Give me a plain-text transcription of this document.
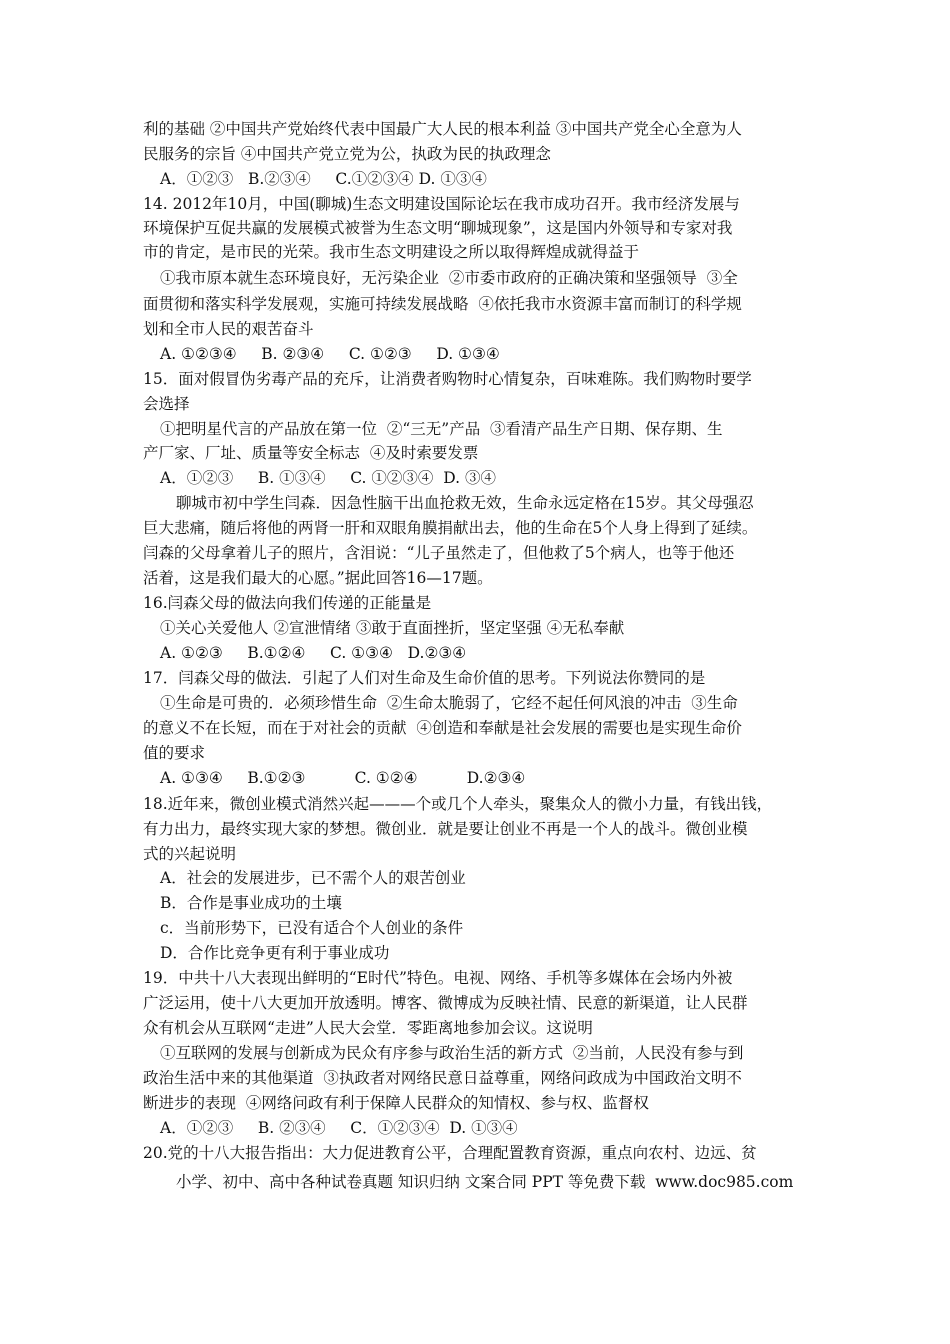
利的基础 ②中国共产党始终代表中国最广大人民的根本利益 ③中国共产党全心全意为人
民服务的宗旨 ④中国共产党立党为公，执政为民的执政理念
A．①②③   B.②③④     C.①②③④ D. ①③④
14. 2012年10月，中国(聊城)生态文明建设国际论坛在我市成功召开。我市经济发展与
环境保护互促共赢的发展模式被誉为生态文明“聊城现象”，这是国内外领导和专家对我
市的肯定，是市民的光荣。我市生态文明建设之所以取得辉煌成就得益于
①我市原本就生态环境良好，无污染企业  ②市委市政府的正确决策和坚强领导  ③全
面贯彻和落实科学发展观，实施可持续发展战略  ④依托我市水资源丰富而制订的科学规
划和全市人民的艰苦奋斗
A. ①②③④     B. ②③④     C. ①②③     D. ①③④
15．面对假冒伪劣毒产品的充斥，让消费者购物时心情复杂，百味难陈。我们购物时要学
会选择
①把明星代言的产品放在第一位  ②“三无”产品  ③看清产品生产日期、保存期、生
产厂家、厂址、质量等安全标志  ④及时索要发票
A．①②③     B. ①③④     C. ①②③④  D. ③④
聊城市初中学生闫森．因急性脑干出血抢救无效，生命永远定格在15岁。其父母强忍
巨大悲痛，随后将他的两肾一肝和双眼角膜捐献出去，他的生命在5个人身上得到了延续。
闫森的父母拿着儿子的照片，含泪说：“儿子虽然走了，但他救了5个病人，也等于他还
活着，这是我们最大的心愿。”据此回答16—17题。
16.闫森父母的做法向我们传递的正能量是
①关心关爱他人 ②宣泄情绪 ③敢于直面挫折，坚定坚强 ④无私奉献
A. ①②③     B.①②④     C. ①③④   D.②③④
17．闫森父母的做法．引起了人们对生命及生命价值的思考。下列说法你赞同的是
①生命是可贵的．必须珍惜生命  ②生命太脆弱了，它经不起任何风浪的冲击  ③生命
的意义不在长短，而在于对社会的贡献  ④创造和奉献是社会发展的需要也是实现生命价
值的要求
A. ①③④     B.①②③          C. ①②④          D.②③④
18.近年来，微创业模式消然兴起———个或几个人牵头，聚集众人的微小力量，有钱出钱，
有力出力，最终实现大家的梦想。微创业．就是要让创业不再是一个人的战斗。微创业模
式的兴起说明
A．社会的发展进步，已不需个人的艰苦创业
B．合作是事业成功的土壤
c．当前形势下，已没有适合个人创业的条件
D．合作比竞争更有利于事业成功
19．中共十八大表现出鲜明的“E时代”特色。电视、网络、手机等多媒体在会场内外被
广泛运用，使十八大更加开放透明。博客、微博成为反映社情、民意的新渠道，让人民群
众有机会从互联网“走进”人民大会堂．零距离地参加会议。这说明
①互联网的发展与创新成为民众有序参与政治生活的新方式  ②当前，人民没有参与到
政治生活中来的其他渠道  ③执政者对网络民意日益尊重，网络问政成为中国政治文明不
断进步的表现  ④网络问政有利于保障人民群众的知情权、参与权、监督权
A．①②③     B. ②③④     C．①②③④  D. ①③④
20.党的十八大报告指出：大力促进教育公平，合理配置教育资源，重点向农村、边远、贫
小学、初中、高中各种试卷真题 知识归纳 文案合同 PPT 等免费下载  www.doc985.com
